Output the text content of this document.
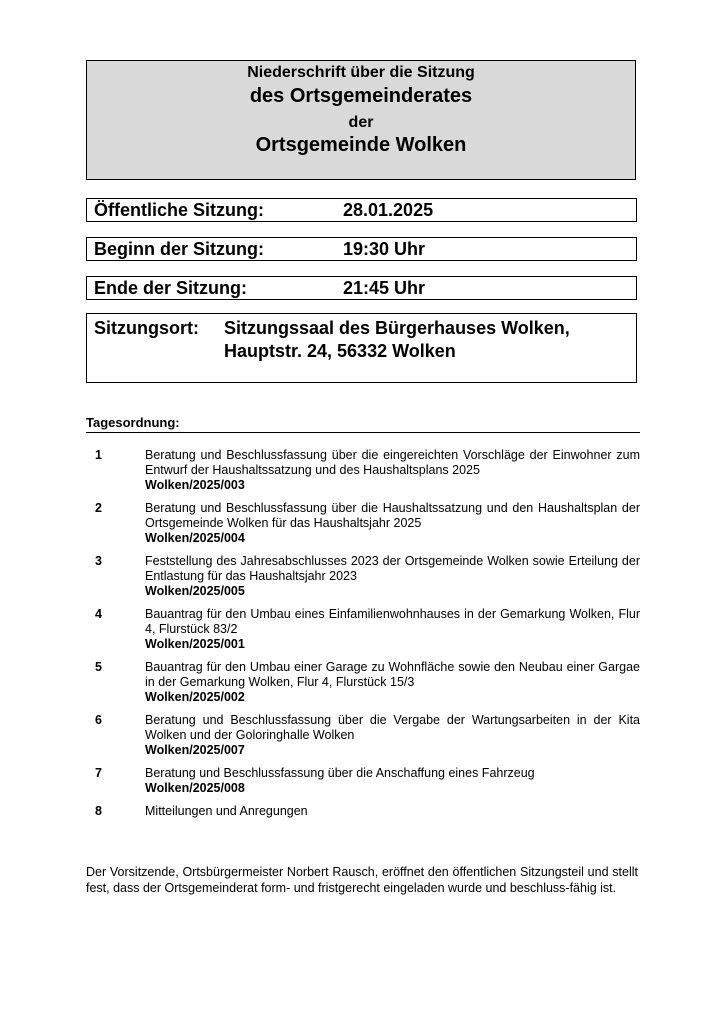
Niederschrift über die Sitzung
des Ortsgemeinderates
der
Ortsgemeinde Wolken
Öffentliche Sitzung:	28.01.2025
Beginn der Sitzung:	19:30 Uhr
Ende der Sitzung:	21:45 Uhr
Sitzungsort: Sitzungssaal des Bürgerhauses Wolken,
Hauptstr. 24, 56332 Wolken
Tagesordnung:
1	Beratung und Beschlussfassung über die eingereichten Vorschläge der Einwohner zum Entwurf der Haushaltssatzung und des Haushaltsplans 2025
Wolken/2025/003
2	Beratung und Beschlussfassung über die Haushaltssatzung und den Haushaltsplan der Ortsgemeinde Wolken für das Haushaltsjahr 2025
Wolken/2025/004
3	Feststellung des Jahresabschlusses 2023 der Ortsgemeinde Wolken sowie Erteilung der Entlastung für das Haushaltsjahr 2023
Wolken/2025/005
4	Bauantrag für den Umbau eines Einfamilienwohnhauses in der Gemarkung Wolken, Flur 4, Flurstück 83/2
Wolken/2025/001
5	Bauantrag für den Umbau einer Garage zu Wohnfläche sowie den Neubau einer Gargae in der Gemarkung Wolken, Flur 4, Flurstück 15/3
Wolken/2025/002
6	Beratung und Beschlussfassung über die Vergabe der Wartungsarbeiten in der Kita Wolken und der Goloringhalle Wolken
Wolken/2025/007
7	Beratung und Beschlussfassung über die Anschaffung eines Fahrzeug
Wolken/2025/008
8	Mitteilungen und Anregungen
Der Vorsitzende, Ortsbürgermeister Norbert Rausch, eröffnet den öffentlichen Sitzungsteil und stellt fest, dass der Ortsgemeinderat form- und fristgerecht eingeladen wurde und beschluss-fähig ist.
